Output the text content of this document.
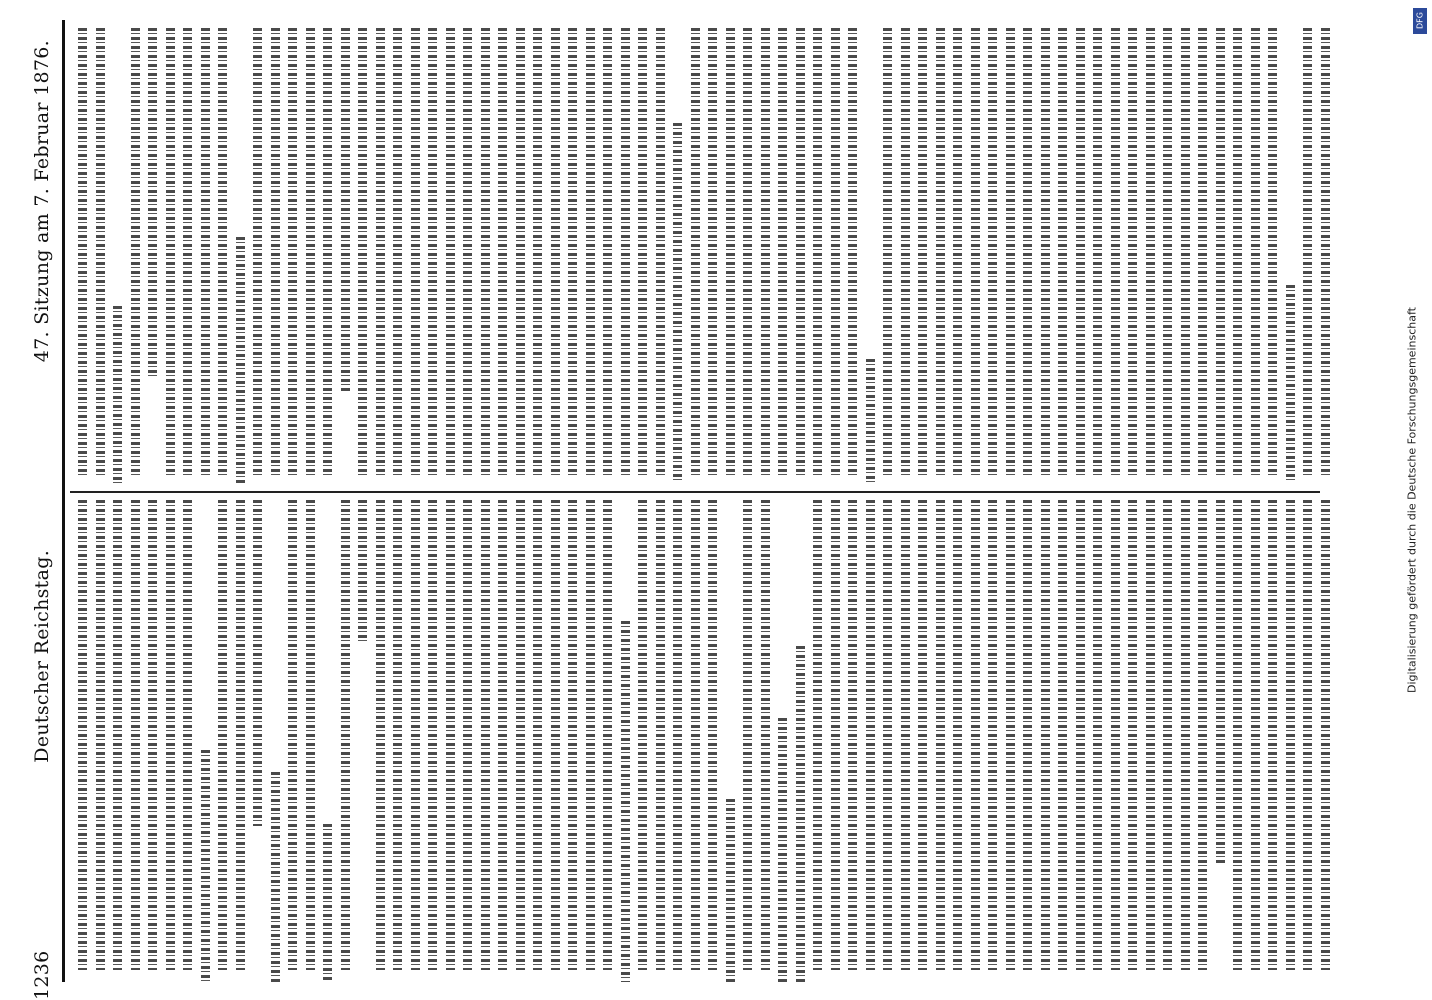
1236
Deutscher Reichstag.
47. Sitzung am 7. Februar 1876.
Digitalisierung gefördert durch die Deutsche Forschungsgemeinschaft
DFG
